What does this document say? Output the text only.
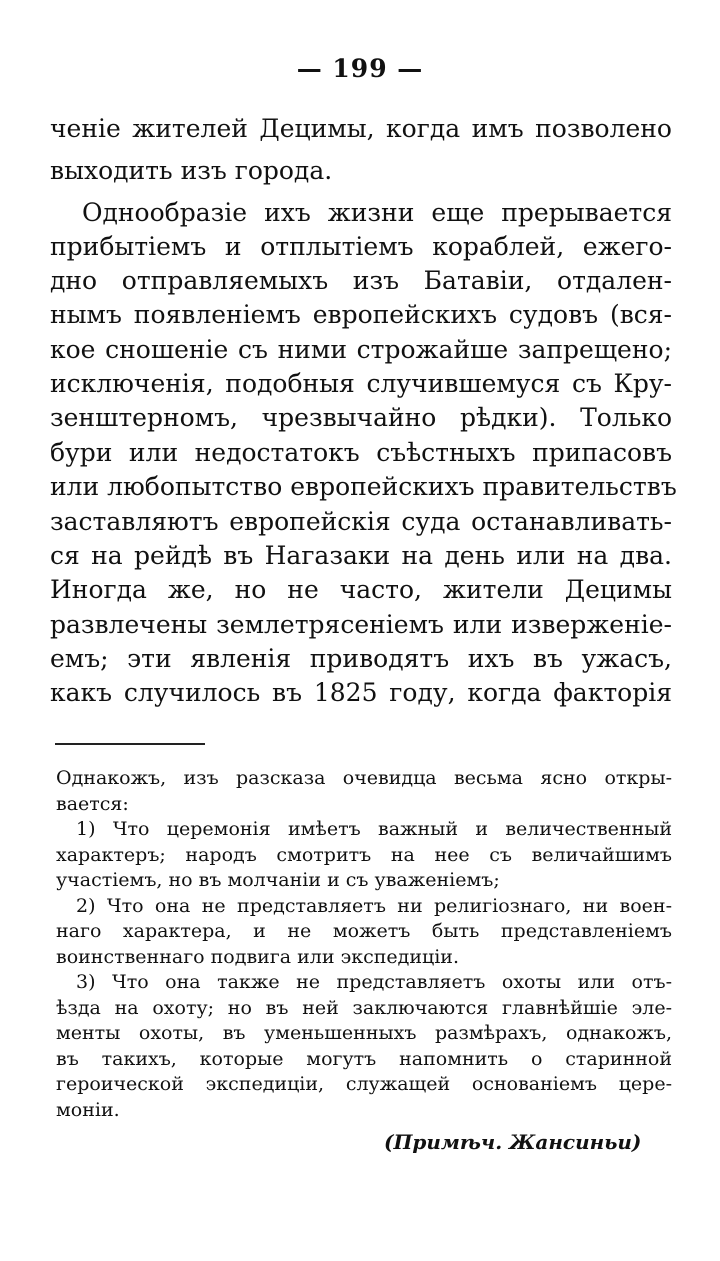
— 199 —
ченіе жителей Децимы, когда имъ позволено
выходить изъ города.
Однообразіе ихъ жизни еще прерывается
прибытіемъ и отплытіемъ кораблей, ежего-
дно отправляемыхъ изъ Батавіи, отдален-
нымъ появленіемъ европейскихъ судовъ (вся-
кое сношеніе съ ними строжайше запрещено;
исключенія, подобныя случившемуся съ Кру-
зенштерномъ, чрезвычайно рѣдки). Только
бури или недостатокъ съѣстныхъ припасовъ
или любопытство европейскихъ правительствъ
заставляютъ европейскія суда останавливать-
ся на рейдѣ въ Нагазаки на день или на два.
Иногда же, но не часто, жители Децимы
развлечены землетрясеніемъ или изверженіе-
емъ; эти явленія приводятъ ихъ въ ужасъ,
какъ случилось въ 1825 году, когда факторія
Однакожъ, изъ разсказа очевидца весьма ясно откры-
вается:
1) Что церемонія имѣетъ важный и величественный
характеръ; народъ смотритъ на нее съ величайшимъ
участіемъ, но въ молчаніи и съ уваженіемъ;
2) Что она не представляетъ ни религіознаго, ни воен-
наго характера, и не можетъ быть представленіемъ
воинственнаго подвига или экспедиціи.
3) Что она также не представляетъ охоты или отъ-
ѣзда на охоту; но въ ней заключаются главнѣйшіе эле-
менты охоты, въ уменьшенныхъ размѣрахъ, однакожъ,
въ такихъ, которые могутъ напомнить о старинной
героической экспедиціи, служащей основаніемъ цере-
моніи.
(Примѣч. Жансиньи)
